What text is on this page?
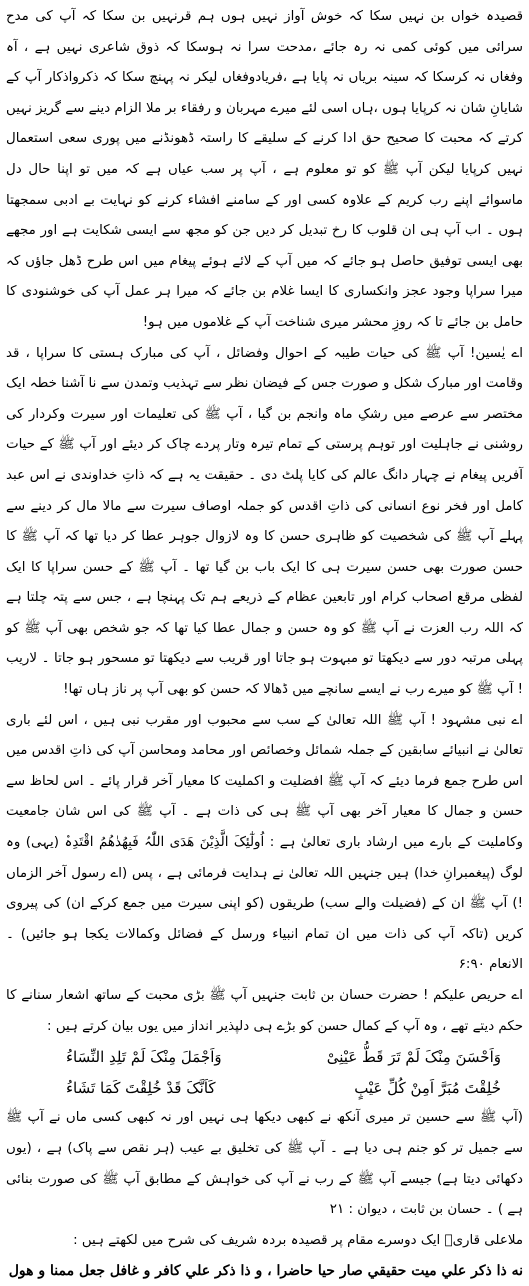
قصیدہ خواں بن نہیں سکا کہ خوش آواز نہیں ہوں ہم قرنہیں بن سکا کہ آپ کی مدح سرائی میں کوئی کمی نہ رہ جائے ،مدحت سرا نہ ہوسکا کہ ذوق شاعری نہیں ہے ، آہ وفغاں نہ کرسکا کہ سینہ بریاں نہ پایا ہے ،فریادوفغاں لیکر نہ پہنچ سکا کہ ذکرواذکار آپ کے شایانِ شان نہ کرپایا ہوں ،ہاں اسی لئے میرے مہربان و رفقاء بر ملا الزام دینے سے گریز نہیں کرتے کہ محبت کا صحیح حق ادا کرنے کے سلیقے کا راستہ ڈھونڈنے میں پوری سعی استعمال نہیں کرپایا لیکن آپ ﷺ کو تو معلوم ہے ، آپ پر سب عیاں ہے کہ میں تو اپنا حال دل ماسوائے اپنے رب کریم کے علاوہ کسی اور کے سامنے افشاء کرنے کو نہایت بے ادبی سمجھتا ہوں ۔ اب آپ ہی ان قلوب کا رخ تبدیل کر دیں جن کو مجھ سے ایسی شکایت ہے اور مجھے بھی ایسی توفیق حاصل ہو جائے کہ میں آپ کے لائے ہوئے پیغام میں اس طرح ڈھل جاؤں کہ میرا سراپا وجود عجز وانکساری کا ایسا غلام بن جائے کہ میرا ہر عمل آپ کی خوشنودی کا حامل بن جائے تا کہ روزِ محشر میری شناخت آپ کے غلاموں میں ہو!

اے یٰسین! آپ ﷺ کی حیات طیبہ کے احوال وفضائل ، آپ کی مبارک ہستی کا سراپا ، قد وقامت اور مبارک شکل و صورت جس کے فیضان نظر سے تہذیب وتمدن سے نا آشنا خطہ ایک مختصر سے عرصے میں رشکِ ماہ وانجم بن گیا ، آپ ﷺ کی تعلیمات اور سیرت وکردار کی روشنی نے جاہلیت اور توہم پرستی کے تمام تیرہ وتار پردے چاک کر دیئے اور آپ ﷺ کے حیات آفریں پیغام نے چہار دانگ عالم کی کایا پلٹ دی ۔ حقیقت یہ ہے کہ ذاتِ خداوندی نے اس عبد کامل اور فخر نوع انسانی کی ذاتِ اقدس کو جملہ اوصاف سیرت سے مالا مال کر دینے سے پہلے آپ ﷺ کی شخصیت کو ظاہری حسن کا وہ لازوال جوہر عطا کر دیا تھا کہ آپ ﷺ کا حسن صورت بھی حسن سیرت ہی کا ایک باب بن گیا تھا ۔ آپ ﷺ کے حسن سراپا کا ایک لفظی مرقع اصحاب کرام اور تابعین عظام کے ذریعے ہم تک پہنچا ہے ، جس سے پتہ چلتا ہے کہ اللہ رب العزت نے آپ ﷺ کو وہ حسن و جمال عطا کیا تھا کہ جو شخص بھی آپ ﷺ کو پہلی مرتبہ دور سے دیکھتا تو مبہوت ہو جاتا اور قریب سے دیکھتا تو مسحور ہو جاتا ۔ لاریب ! آپ ﷺ کو میرے رب نے ایسے سانچے میں ڈھالا کہ حسن کو بھی آپ پر ناز ہاں تھا!

اے نبی مشہود ! آپ ﷺ اللہ تعالیٰ کے سب سے محبوب اور مقرب نبی ہیں ، اس لئے باری تعالیٰ نے انبیائے سابقین کے جملہ شمائل وخصائص اور محامد ومحاسن آپ کی ذاتِ اقدس میں اس طرح جمع فرما دیئے کہ آپ ﷺ افضلیت و اکملیت کا معیار آخر قرار پائے ۔ اس لحاظ سے حسن و جمال کا معیار آخر بھی آپ ﷺ ہی کی ذات ہے ۔ آپ ﷺ کی اس شان جامعیت وکاملیت کے بارے میں ارشاد باری تعالیٰ ہے : اُولٰٓئِکَ الَّذِیْنَ ھَدَی اللّٰہُ فَبِھُدٰھُمُ اقْتَدِہْ (یہی) وہ لوگ (پیغمبرانِ خدا) ہیں جنہیں اللہ تعالیٰ نے ہدایت فرمائی ہے ، پس (اے رسول آخر الزماں !) آپ ﷺ ان کے (فضیلت والے سب) طریقوں (کو اپنی سیرت میں جمع کرکے ان) کی پیروی کریں (تاکہ آپ کی ذات میں ان تمام انبیاء ورسل کے فضائل وکمالات یکجا ہو جائیں) ۔ الانعام ۶:۹۰

اے حریص علیکم ! حضرت حسان بن ثابت جنہیں آپ ﷺ بڑی محبت کے ساتھ اشعار سنانے کا حکم دیتے تھے ، وہ آپ کے کمال حسن کو بڑے ہی دلپذیر انداز میں یوں بیان کرتے ہیں :

وَاَحْسَنَ مِنْکَ لَمْ تَرَ قَطُّ عَیْنِیْ
وَاَجْمَلَ مِنْکَ لَمْ تَلِدِ النِّسَاءُ
خُلِقْتَ مُبَرَّ اَمِنْ کُلِّ عَیْبٍ
کَاَنَّکَ قَدْ خُلِقْتَ کَمَا تَشَاءُ

(آپ ﷺ سے حسین تر میری آنکھ نے کبھی دیکھا ہی نہیں اور نہ کبھی کسی ماں نے آپ ﷺ سے جمیل تر کو جنم ہی دیا ہے ۔ آپ ﷺ کی تخلیق بے عیب (ہر نقص سے پاک) ہے ، (یوں دکھائی دیتا ہے) جیسے آپ ﷺ کے رب نے آپ کی خواہش کے مطابق آپ ﷺ کی صورت بنائی ہے ) ۔ حسان بن ثابت ، دیوان : ۲۱

ملاعلی قاریؒ ایک دوسرے مقام پر قصیدہ بردہ شریف کی شرح میں لکھتے ہیں :

نه ذا ذكر علي ميت حقيقي صار حيا حاضرا ، و ذا ذكر علي كافر و غافل جعل ممنا و هول
